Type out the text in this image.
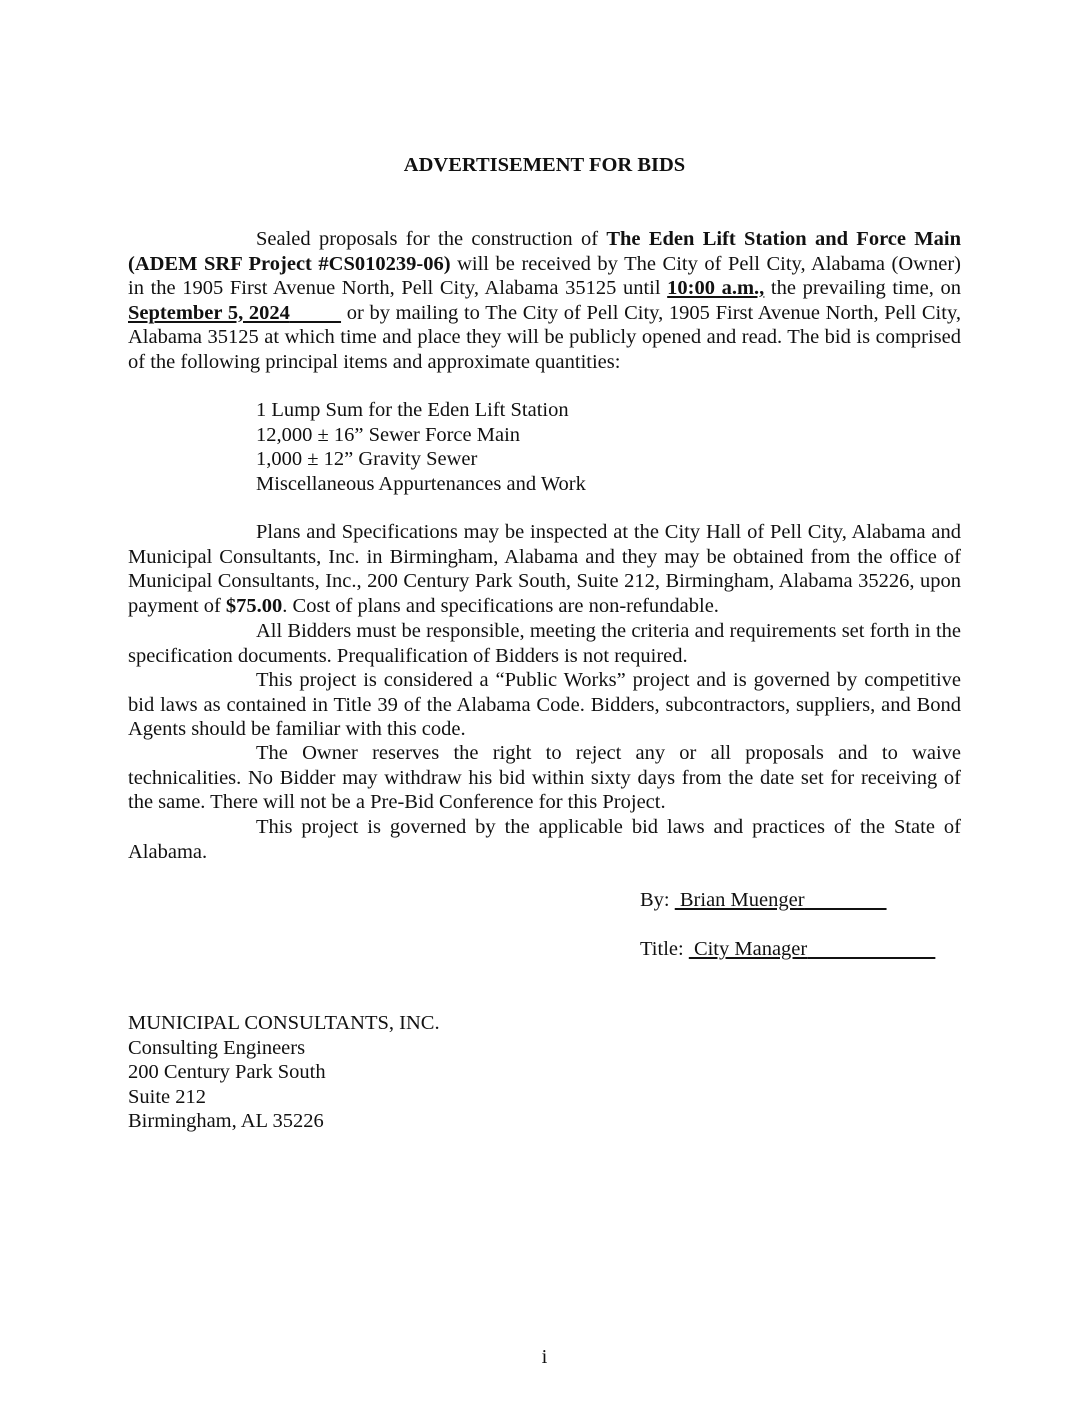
ADVERTISEMENT FOR BIDS

Sealed proposals for the construction of The Eden Lift Station and Force Main (ADEM SRF Project #CS010239-06) will be received by The City of Pell City, Alabama (Owner) in the 1905 First Avenue North, Pell City, Alabama 35125 until 10:00 a.m., the prevailing time, on September 5, 2024          or by mailing to The City of Pell City, 1905 First Avenue North, Pell City, Alabama 35125 at which time and place they will be publicly opened and read. The bid is comprised of the following principal items and approximate quantities:

1 Lump Sum for the Eden Lift Station
12,000 ± 16” Sewer Force Main
1,000 ± 12” Gravity Sewer
Miscellaneous Appurtenances and Work

Plans and Specifications may be inspected at the City Hall of Pell City, Alabama and Municipal Consultants, Inc. in Birmingham, Alabama and they may be obtained from the office of Municipal Consultants, Inc., 200 Century Park South, Suite 212, Birmingham, Alabama 35226, upon payment of $75.00. Cost of plans and specifications are non-refundable.

All Bidders must be responsible, meeting the criteria and requirements set forth in the specification documents. Prequalification of Bidders is not required.

This project is considered a “Public Works” project and is governed by competitive bid laws as contained in Title 39 of the Alabama Code. Bidders, subcontractors, suppliers, and Bond Agents should be familiar with this code.

The Owner reserves the right to reject any or all proposals and to waive technicalities. No Bidder may withdraw his bid within sixty days from the date set for receiving of the same. There will not be a Pre-Bid Conference for this Project.

This project is governed by the applicable bid laws and practices of the State of Alabama.

By:  Brian Muenger
Title:  City Manager
MUNICIPAL CONSULTANTS, INC.
Consulting Engineers
200 Century Park South
Suite 212
Birmingham, AL 35226
i
